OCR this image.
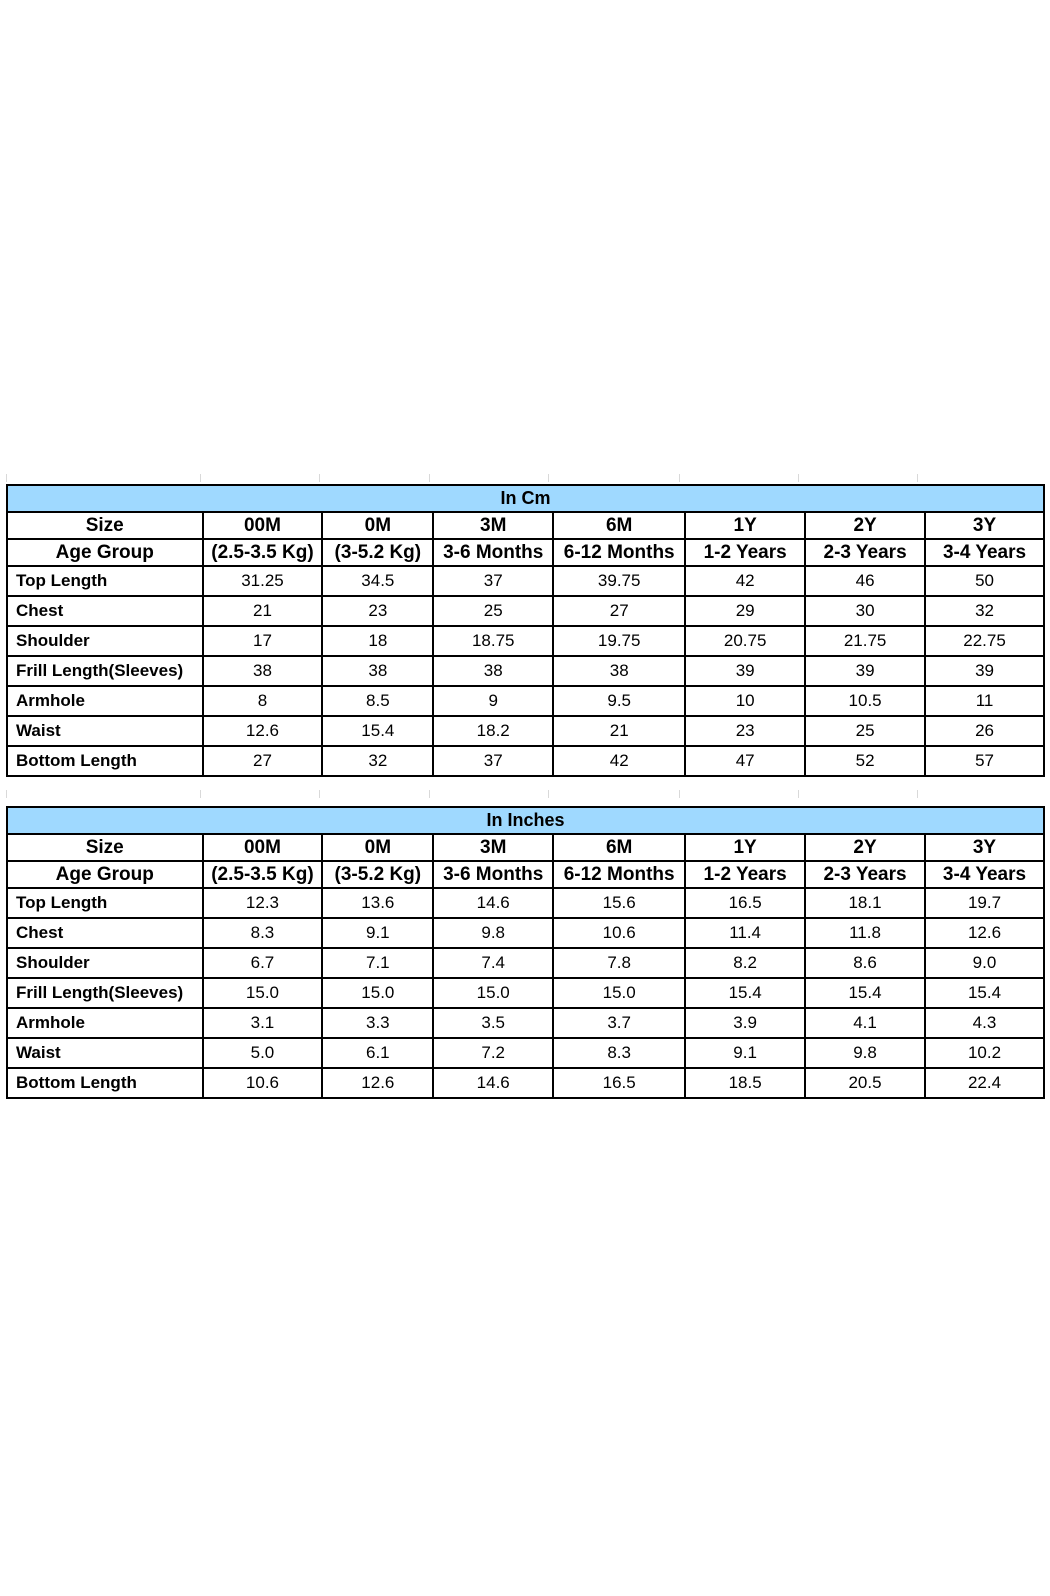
In Cm							
Size	00M	0M	3M	6M	1Y	2Y	3Y
Age Group	(2.5-3.5 Kg)	(3-5.2 Kg)	3-6 Months	6-12 Months	1-2 Years	2-3 Years	3-4 Years
Top Length	31.25	34.5	37	39.75	42	46	50
Chest	21	23	25	27	29	30	32
Shoulder	17	18	18.75	19.75	20.75	21.75	22.75
Frill Length(Sleeves)	38	38	38	38	39	39	39
Armhole	8	8.5	9	9.5	10	10.5	11
Waist	12.6	15.4	18.2	21	23	25	26
Bottom Length	27	32	37	42	47	52	57
In Inches							
Size	00M	0M	3M	6M	1Y	2Y	3Y
Age Group	(2.5-3.5 Kg)	(3-5.2 Kg)	3-6 Months	6-12 Months	1-2 Years	2-3 Years	3-4 Years
Top Length	12.3	13.6	14.6	15.6	16.5	18.1	19.7
Chest	8.3	9.1	9.8	10.6	11.4	11.8	12.6
Shoulder	6.7	7.1	7.4	7.8	8.2	8.6	9.0
Frill Length(Sleeves)	15.0	15.0	15.0	15.0	15.4	15.4	15.4
Armhole	3.1	3.3	3.5	3.7	3.9	4.1	4.3
Waist	5.0	6.1	7.2	8.3	9.1	9.8	10.2
Bottom Length	10.6	12.6	14.6	16.5	18.5	20.5	22.4
